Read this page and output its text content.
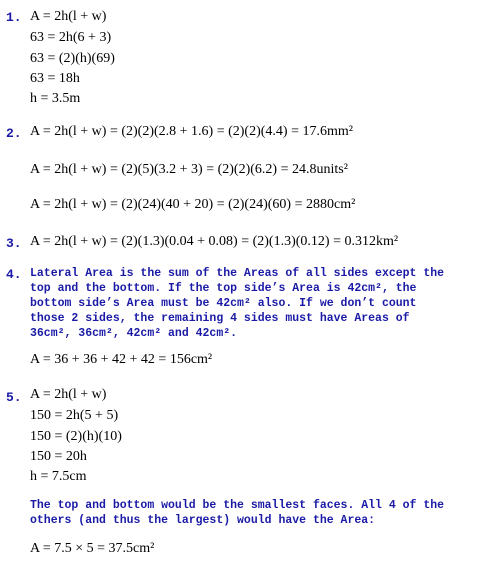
1. A = 2h(l + w)
63 = 2h(6 + 3)
63 = (2)(h)(69)
63 = 18h
h = 3.5m
2. A = 2h(l + w) = (2)(2)(2.8 + 1.6) = (2)(2)(4.4) = 17.6mm²
A = 2h(l + w) = (2)(5)(3.2 + 3) = (2)(2)(6.2) = 24.8units²
A = 2h(l + w) = (2)(24)(40 + 20) = (2)(24)(60) = 2880cm²
3. A = 2h(l + w) = (2)(1.3)(0.04 + 0.08) = (2)(1.3)(0.12) = 0.312km²
4. Lateral Area is the sum of the Areas of all sides except the
top and the bottom. If the top side’s Area is 42cm², the
bottom side’s Area must be 42cm² also. If we don’t count
those 2 sides, the remaining 4 sides must have Areas of
36cm², 36cm², 42cm² and 42cm².
A = 36 + 36 + 42 + 42 = 156cm²
5. A = 2h(l + w)
150 = 2h(5 + 5)
150 = (2)(h)(10)
150 = 20h
h = 7.5cm
The top and bottom would be the smallest faces. All 4 of the
others (and thus the largest) would have the Area:
A = 7.5 × 5 = 37.5cm²
